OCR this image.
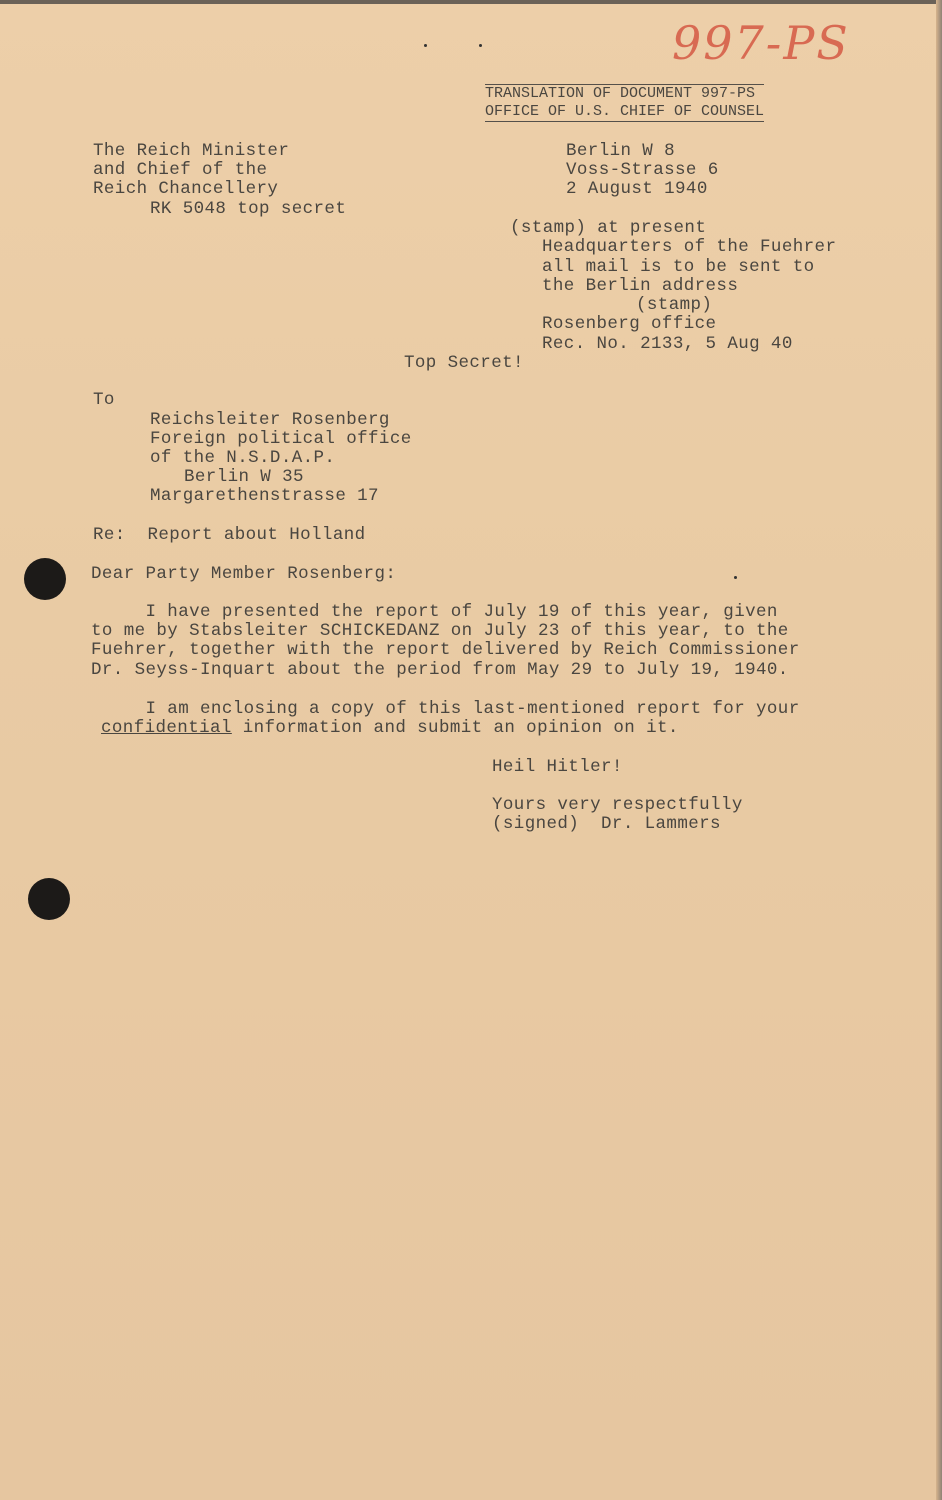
997-PS
TRANSLATION OF DOCUMENT 997-PS
OFFICE OF U.S. CHIEF OF COUNSEL
The Reich Minister
and Chief of the
Reich Chancellery
RK 5048 top secret
Berlin W 8
Voss-Strasse 6
2 August 1940
(stamp) at present
Headquarters of the Fuehrer
all mail is to be sent to
the Berlin address
(stamp)
Rosenberg office
Rec. No. 2133, 5 Aug 40
Top Secret!
To
Reichsleiter Rosenberg
Foreign political office
of the N.S.D.A.P.
Berlin W 35
Margarethenstrasse 17
Re:  Report about Holland
Dear Party Member Rosenberg:
I have presented the report of July 19 of this year, given
to me by Stabsleiter SCHICKEDANZ on July 23 of this year, to the
Fuehrer, together with the report delivered by Reich Commissioner
Dr. Seyss-Inquart about the period from May 29 to July 19, 1940.
I am enclosing a copy of this last-mentioned report for your
confidential information and submit an opinion on it.
Heil Hitler!
Yours very respectfully
(signed)  Dr. Lammers
